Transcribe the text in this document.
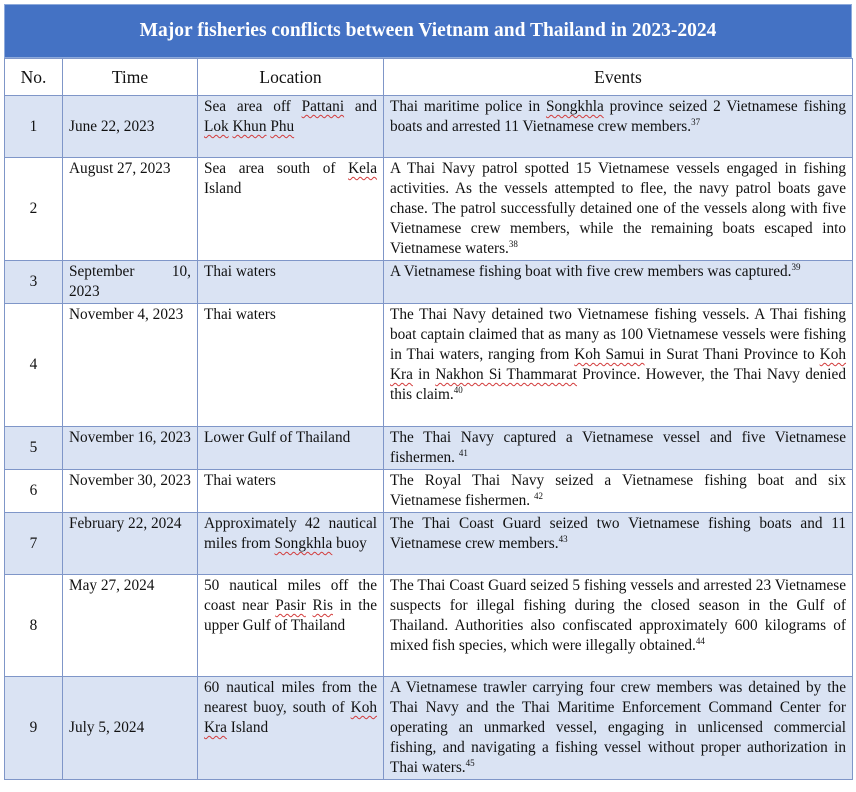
Major fisheries conflicts between Vietnam and Thailand in 2023-2024
No.	Time	Location	Events
1	June 22, 2023	Sea area off Pattani and Lok Khun Phu	Thai maritime police in Songkhla province seized 2 Vietnamese fishing boats and arrested 11 Vietnamese crew members.$^{37}$
2	August 27, 2023	Sea area south of Kela Island	A Thai Navy patrol spotted 15 Vietnamese vessels engaged in fishing activities. As the vessels attempted to flee, the navy patrol boats gave chase. The patrol successfully detained one of the vessels along with five Vietnamese crew members, while the remaining boats escaped into Vietnamese waters.$^{38}$
3	September 10, 2023	Thai waters	A Vietnamese fishing boat with five crew members was captured.$^{39}$
4	November 4, 2023	Thai waters	The Thai Navy detained two Vietnamese fishing vessels. A Thai fishing boat captain claimed that as many as 100 Vietnamese vessels were fishing in Thai waters, ranging from Koh Samui in Surat Thani Province to Koh Kra in Nakhon Si Thammarat Province. However, the Thai Navy denied this claim.$^{40}$
5	November 16, 2023	Lower Gulf of Thailand	The Thai Navy captured a Vietnamese vessel and five Vietnamese fishermen. $^{41}$
6	November 30, 2023	Thai waters	The Royal Thai Navy seized a Vietnamese fishing boat and six Vietnamese fishermen. $^{42}$
7	February 22, 2024	Approximately 42 nautical miles from Songkhla buoy	The Thai Coast Guard seized two Vietnamese fishing boats and 11 Vietnamese crew members.$^{43}$
8	May 27, 2024	50 nautical miles off the coast near Pasir Ris in the upper Gulf of Thailand	The Thai Coast Guard seized 5 fishing vessels and arrested 23 Vietnamese suspects for illegal fishing during the closed season in the Gulf of Thailand. Authorities also confiscated approximately 600 kilograms of mixed fish species, which were illegally obtained.$^{44}$
9	July 5, 2024	60 nautical miles from the nearest buoy, south of Koh Kra Island	A Vietnamese trawler carrying four crew members was detained by the Thai Navy and the Thai Maritime Enforcement Command Center for operating an unmarked vessel, engaging in unlicensed commercial fishing, and navigating a fishing vessel without proper authorization in Thai waters.$^{45}$
